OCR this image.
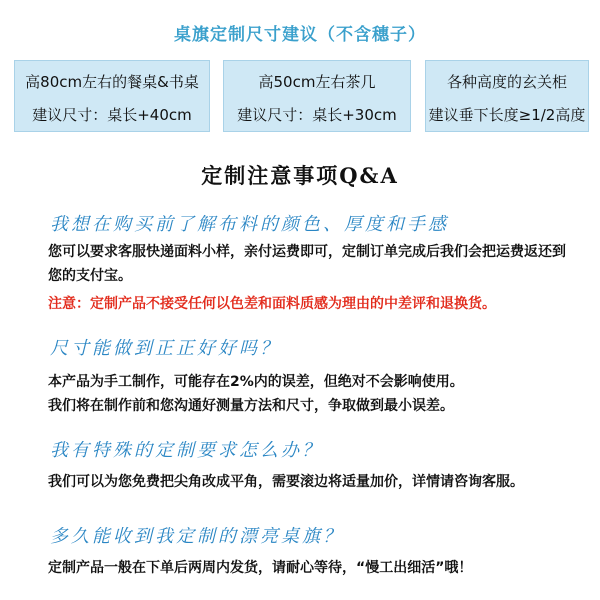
桌旗定制尺寸建议（不含穗子）
高80cm左右的餐桌&书桌
建议尺寸：桌长+40cm
高50cm左右茶几
建议尺寸：桌长+30cm
各种高度的玄关柜
建议垂下长度≥1/2高度
定制注意事项Q&A
我想在购买前了解布料的颜色、厚度和手感
您可以要求客服快递面料小样，亲付运费即可，定制订单完成后我们会把运费返还到您的支付宝。
注意：定制产品不接受任何以色差和面料质感为理由的中差评和退换货。
尺寸能做到正正好好吗？
本产品为手工制作，可能存在2%内的误差，但绝对不会影响使用。
我们将在制作前和您沟通好测量方法和尺寸，争取做到最小误差。
我有特殊的定制要求怎么办？
我们可以为您免费把尖角改成平角，需要滚边将适量加价，详情请咨询客服。
多久能收到我定制的漂亮桌旗？
定制产品一般在下单后两周内发货，请耐心等待，“慢工出细活”哦！
